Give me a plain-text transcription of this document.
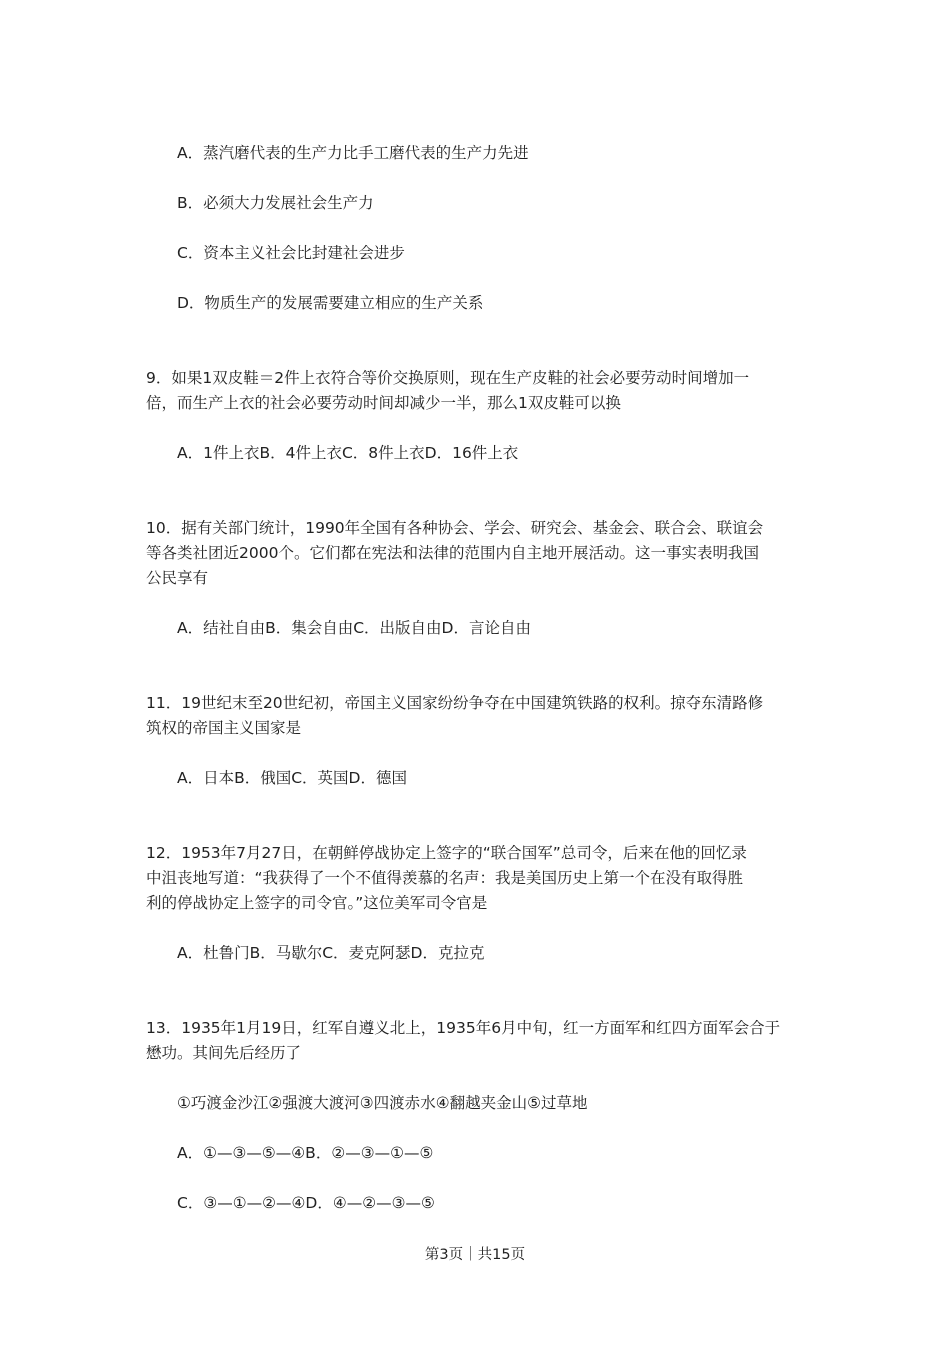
A．蒸汽磨代表的生产力比手工磨代表的生产力先进
B．必须大力发展社会生产力
C．资本主义社会比封建社会进步
D．物质生产的发展需要建立相应的生产关系
9．如果1双皮鞋＝2件上衣符合等价交换原则，现在生产皮鞋的社会必要劳动时间增加一
倍，而生产上衣的社会必要劳动时间却减少一半，那么1双皮鞋可以换
A．1件上衣B．4件上衣C．8件上衣D．16件上衣
10．据有关部门统计，1990年全国有各种协会、学会、研究会、基金会、联合会、联谊会
等各类社团近2000个。它们都在宪法和法律的范围内自主地开展活动。这一事实表明我国
公民享有
A．结社自由B．集会自由C．出版自由D．言论自由
11．19世纪末至20世纪初，帝国主义国家纷纷争夺在中国建筑铁路的权利。掠夺东清路修
筑权的帝国主义国家是
A．日本B．俄国C．英国D．德国
12．1953年7月27日，在朝鲜停战协定上签字的“联合国军”总司令，后来在他的回忆录
中沮丧地写道：“我获得了一个不值得羡慕的名声：我是美国历史上第一个在没有取得胜
利的停战协定上签字的司令官。”这位美军司令官是
A．杜鲁门B．马歇尔C．麦克阿瑟D．克拉克
13．1935年1月19日，红军自遵义北上，1935年6月中旬，红一方面军和红四方面军会合于
懋功。其间先后经历了
①巧渡金沙江②强渡大渡河③四渡赤水④翻越夹金山⑤过草地
A．①—③—⑤—④B．②—③—①—⑤
C．③—①—②—④D．④—②—③—⑤
第3页｜共15页
